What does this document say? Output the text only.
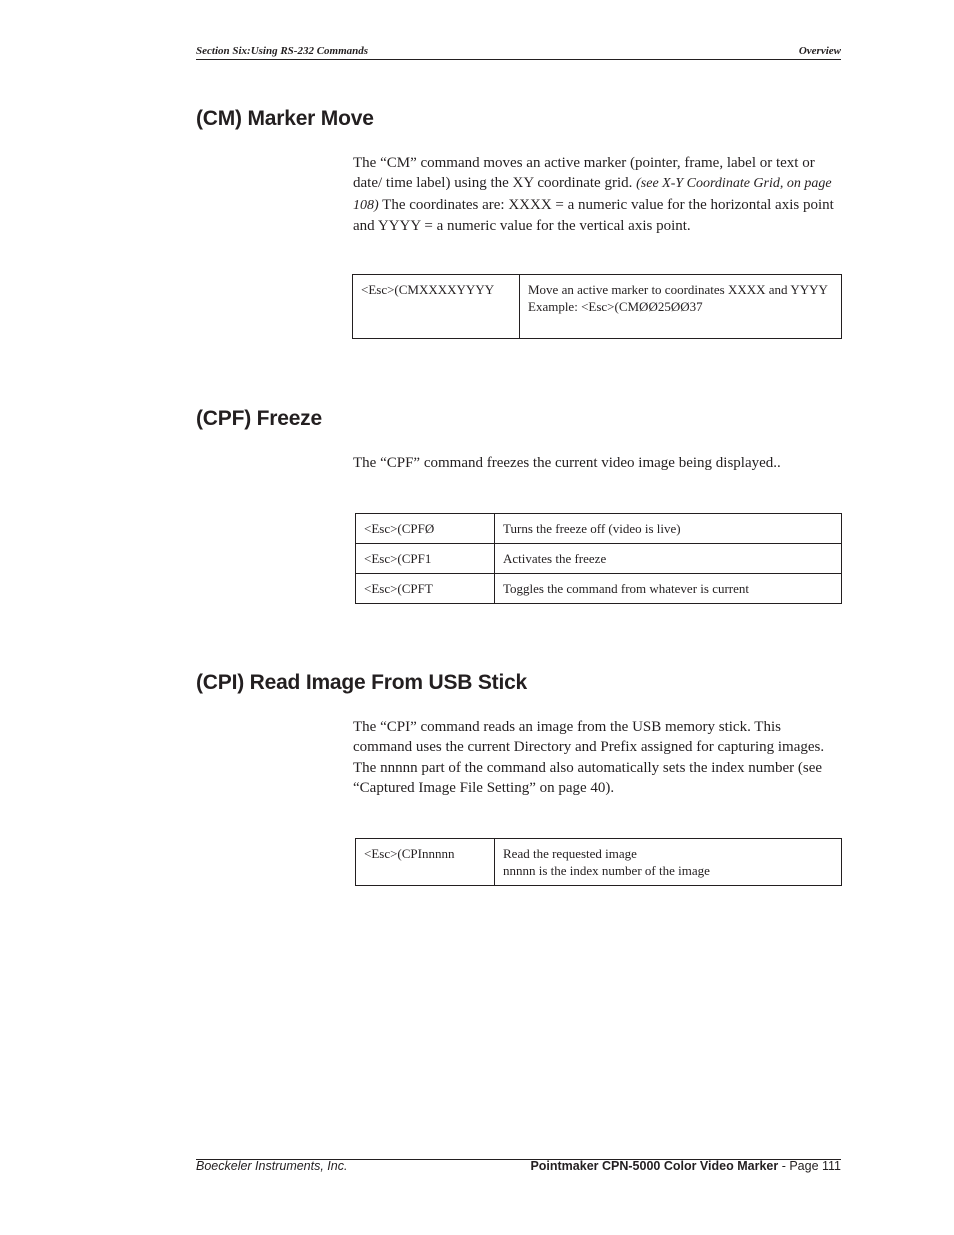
Section Six:Using RS-232 Commands	Overview
(CM) Marker Move

The “CM” command moves an active marker (pointer, frame, label or text or date/ time label) using the XY coordinate grid. (see X-Y Coordinate Grid, on page 108) The coordinates are: XXXX = a numeric value for the horizontal axis point and YYYY = a numeric value for the vertical axis point.

<Esc>(CMXXXXYYYY	Move an active marker to coordinates XXXX and YYYY
Example: <Esc>(CMØØ25ØØ37
(CPF) Freeze

The “CPF” command freezes the current video image being displayed..

<Esc>(CPFØ	Turns the freeze off (video is live)
<Esc>(CPF1	Activates the freeze
<Esc>(CPFT	Toggles the command from whatever is current
(CPI) Read Image From USB Stick

The “CPI” command reads an image from the USB memory stick. This command uses the current Directory and Prefix assigned for capturing images. The nnnnn part of the command also automatically sets the index number (see “Captured Image File Setting” on page 40).

<Esc>(CPInnnnn	Read the requested image
nnnnn is the index number of the image
Boeckeler Instruments, Inc.	Pointmaker CPN-5000 Color Video Marker - Page 111
